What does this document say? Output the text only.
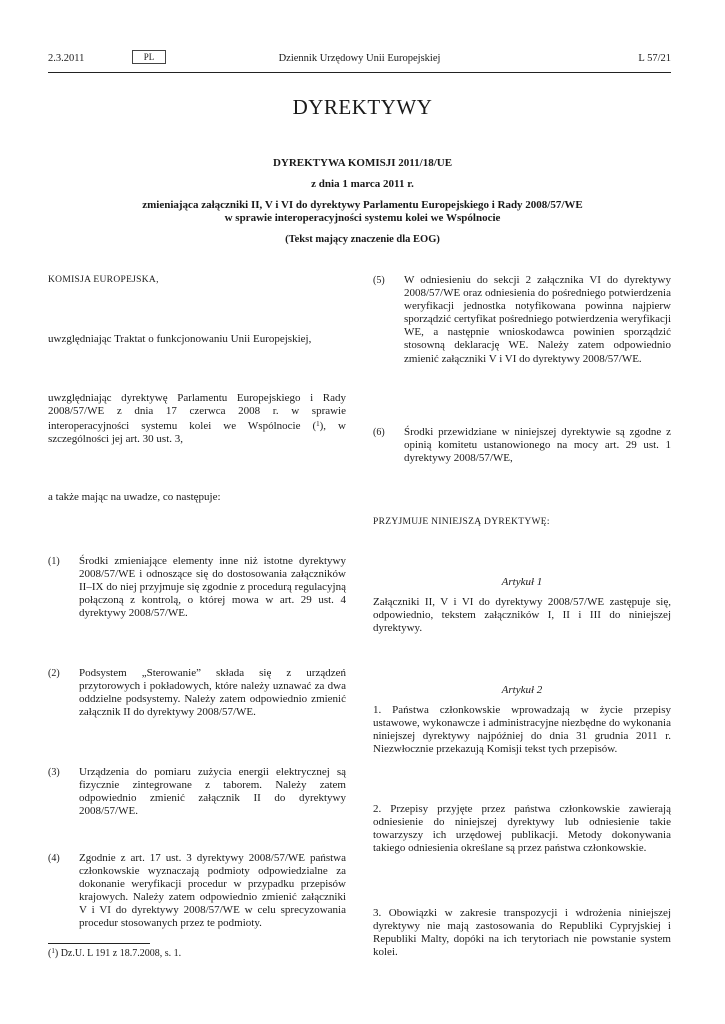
2.3.2011	PL	Dziennik Urzędowy Unii Europejskiej	L 57/21
DYREKTYWY
DYREKTYWA KOMISJI 2011/18/UE
z dnia 1 marca 2011 r.
zmieniająca załączniki II, V i VI do dyrektywy Parlamentu Europejskiego i Rady 2008/57/WE
w sprawie interoperacyjności systemu kolei we Wspólnocie
(Tekst mający znaczenie dla EOG)
KOMISJA EUROPEJSKA,
uwzględniając Traktat o funkcjonowaniu Unii Europejskiej,
uwzględniając dyrektywę Parlamentu Europejskiego i Rady 2008/57/WE z dnia 17 czerwca 2008 r. w sprawie interoperacyjności systemu kolei we Wspólnocie ($^1$), w szczególności jej art. 30 ust. 3,
a także mając na uwadze, co następuje:
(1) Środki zmieniające elementy inne niż istotne dyrektywy 2008/57/WE i odnoszące się do dostosowania załączników II–IX do niej przyjmuje się zgodnie z procedurą regulacyjną połączoną z kontrolą, o której mowa w art. 29 ust. 4 dyrektywy 2008/57/WE.
(2) Podsystem „Sterowanie” składa się z urządzeń przytorowych i pokładowych, które należy uznawać za dwa oddzielne podsystemy. Należy zatem odpowiednio zmienić załącznik II do dyrektywy 2008/57/WE.
(3) Urządzenia do pomiaru zużycia energii elektrycznej są fizycznie zintegrowane z taborem. Należy zatem odpowiednio zmienić załącznik II do dyrektywy 2008/57/WE.
(4) Zgodnie z art. 17 ust. 3 dyrektywy 2008/57/WE państwa członkowskie wyznaczają podmioty odpowiedzialne za dokonanie weryfikacji procedur w przypadku przepisów krajowych. Należy zatem odpowiednio zmienić załączniki V i VI do dyrektywy 2008/57/WE w celu sprecyzowania procedur stosowanych przez te podmioty.
(5) W odniesieniu do sekcji 2 załącznika VI do dyrektywy 2008/57/WE oraz odniesienia do pośredniego potwierdzenia weryfikacji jednostka notyfikowana powinna najpierw sporządzić certyfikat pośredniego potwierdzenia weryfikacji WE, a następnie wnioskodawca powinien sporządzić stosowną deklarację WE. Należy zatem odpowiednio zmienić załączniki V i VI do dyrektywy 2008/57/WE.
(6) Środki przewidziane w niniejszej dyrektywie są zgodne z opinią komitetu ustanowionego na mocy art. 29 ust. 1 dyrektywy 2008/57/WE,
PRZYJMUJE NINIEJSZĄ DYREKTYWĘ:
Artykuł 1
Załączniki II, V i VI do dyrektywy 2008/57/WE zastępuje się, odpowiednio, tekstem załączników I, II i III do niniejszej dyrektywy.
Artykuł 2
1. Państwa członkowskie wprowadzają w życie przepisy ustawowe, wykonawcze i administracyjne niezbędne do wykonania niniejszej dyrektywy najpóźniej do dnia 31 grudnia 2011 r. Niezwłocznie przekazują Komisji tekst tych przepisów.
2. Przepisy przyjęte przez państwa członkowskie zawierają odniesienie do niniejszej dyrektywy lub odniesienie takie towarzyszy ich urzędowej publikacji. Metody dokonywania takiego odniesienia określane są przez państwa członkowskie.
3. Obowiązki w zakresie transpozycji i wdrożenia niniejszej dyrektywy nie mają zastosowania do Republiki Cypryjskiej i Republiki Malty, dopóki na ich terytoriach nie powstanie system kolei.
($^1$) Dz.U. L 191 z 18.7.2008, s. 1.
